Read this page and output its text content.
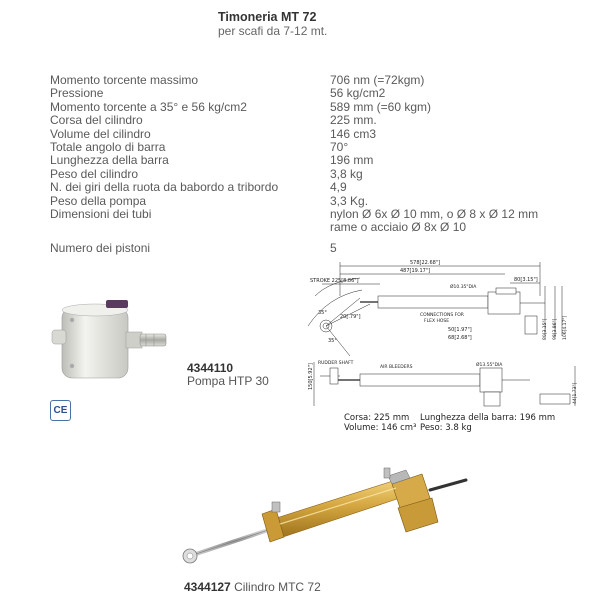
Timoneria MT 72
per scafi da 7-12 mt.
Momento torcente massimo	706 nm (=72kgm)
Pressione	56 kg/cm2
Momento torcente a 35° e 56 kg/cm2	589 mm (=60 kgm)
Corsa del cilindro	225 mm.
Volume del cilindro	146 cm3
Totale angolo di barra	70°
Lunghezza della barra	196 mm
Peso del cilindro	3,8 kg
N. dei giri della ruota da babordo a tribordo	4,9
Peso della pompa	3,3 Kg.
Dimensioni dei tubi	nylon Ø 6x Ø 10 mm, o Ø 8 x Ø 12 mm
rame o acciaio Ø 8x Ø 10
Numero dei pistoni	5
4344110
Pompa HTP 30
CE
578[22.68"]
487[19.17"]
80[3.15"]
STROKE 225[8.86"]
Ø10.35"DIA
CONNECTIONS FOR
FLEX HOSE
50[1.97"]
68[2.68"]
20[.79"]
35°
35°
150[5.92"] RUDDER SHAFT
AIR BLEEDERS	Ø13.55"DIA
80[3.15"] 98[3.86"] 106[4.17"]
44[1.73"]
Corsa: 225 mm
Volume: 146 cm³
Lunghezza della barra: 196 mm
Peso: 3.8 kg
4344127 Cilindro MTC 72
